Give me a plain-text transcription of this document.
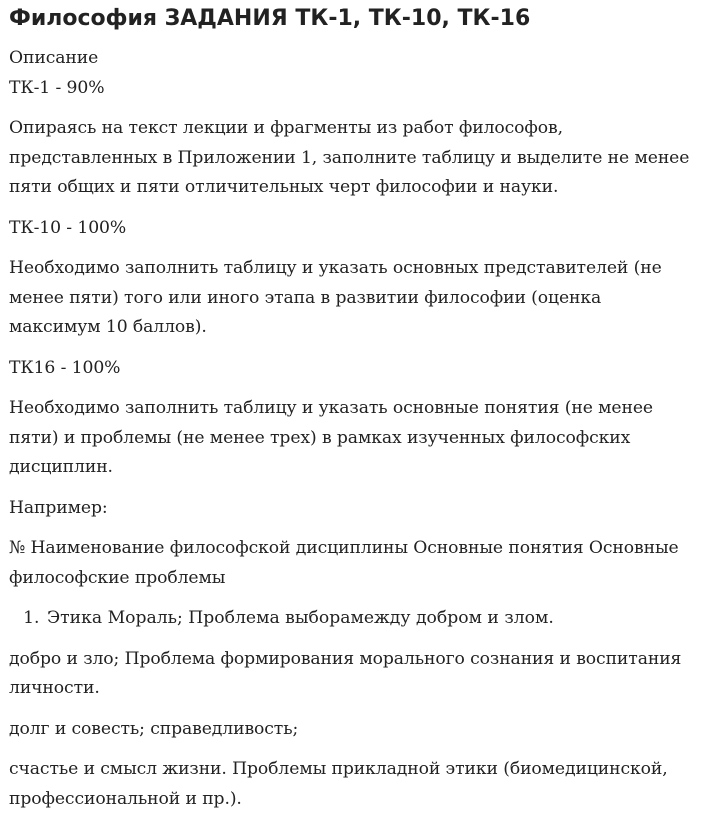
Философия ЗАДАНИЯ ТК-1, ТК-10, ТК-16

Описание

ТК-1 - 90%

Опираясь на текст лекции и фрагменты из работ философов, представленных в Приложении 1, заполните таблицу и выделите не менее пяти общих и пяти отличительных черт философии и науки.

ТК-10 - 100%

Необходимо заполнить таблицу и указать основных представителей (не менее пяти) того или иного этапа в развитии философии (оценка максимум 10 баллов).

ТК16 - 100%

Необходимо заполнить таблицу и указать основные понятия (не менее пяти) и проблемы (не менее трех) в рамках изученных философских дисциплин.

Например:

№ Наименование философской дисциплины Основные понятия Основные философские проблемы

1. Этика Мораль; Проблема выборамежду добром и злом.

добро и зло; Проблема формирования морального сознания и воспитания личности.

долг и совесть; справедливость;

счастье и смысл жизни. Проблемы прикладной этики (биомедицинской, профессиональной и пр.).
